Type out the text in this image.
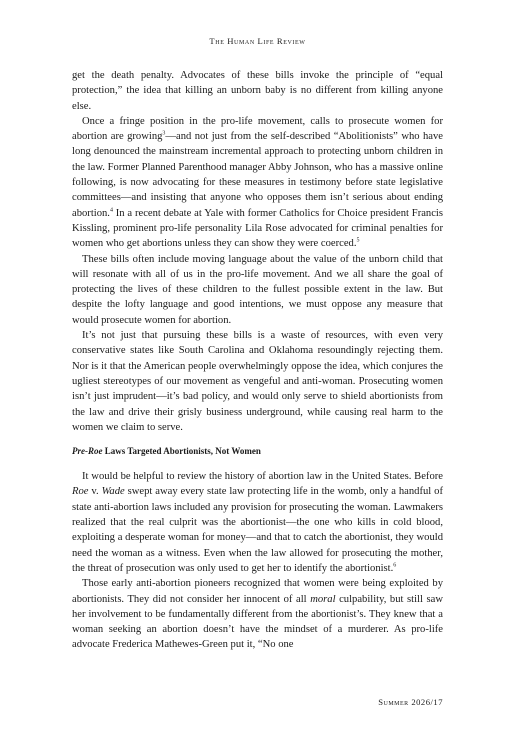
The Human Life Review

get the death penalty. Advocates of these bills invoke the principle of “equal protection,” the idea that killing an unborn baby is no different from killing anyone else.

Once a fringe position in the pro-life movement, calls to prosecute women for abortion are growing$^3$—and not just from the self-described “Abolitionists” who have long denounced the mainstream incremental approach to protecting unborn children in the law. Former Planned Parenthood manager Abby Johnson, who has a massive online following, is now advocating for these measures in testimony before state legislative committees—and insisting that anyone who opposes them isn’t serious about ending abortion.$^4$ In a recent debate at Yale with former Catholics for Choice president Francis Kissling, prominent pro-life personality Lila Rose advocated for criminal penalties for women who get abortions unless they can show they were coerced.$^5$

These bills often include moving language about the value of the unborn child that will resonate with all of us in the pro-life movement. And we all share the goal of protecting the lives of these children to the fullest possible extent in the law. But despite the lofty language and good intentions, we must oppose any measure that would prosecute women for abortion.

It’s not just that pursuing these bills is a waste of resources, with even very conservative states like South Carolina and Oklahoma resoundingly rejecting them. Nor is it that the American people overwhelmingly oppose the idea, which conjures the ugliest stereotypes of our movement as vengeful and anti-woman. Prosecuting women isn’t just imprudent—it’s bad policy, and would only serve to shield abortionists from the law and drive their grisly business underground, while causing real harm to the women we claim to serve.

Pre-Roe Laws Targeted Abortionists, Not Women

It would be helpful to review the history of abortion law in the United States. Before Roe v. Wade swept away every state law protecting life in the womb, only a handful of state anti-abortion laws included any provision for prosecuting the woman. Lawmakers realized that the real culprit was the abortionist—the one who kills in cold blood, exploiting a desperate woman for money—and that to catch the abortionist, they would need the woman as a witness. Even when the law allowed for prosecuting the mother, the threat of prosecution was only used to get her to identify the abortionist.$^6$

Those early anti-abortion pioneers recognized that women were being exploited by abortionists. They did not consider her innocent of all moral culpability, but still saw her involvement to be fundamentally different from the abortionist’s. They knew that a woman seeking an abortion doesn’t have the mindset of a murderer. As pro-life advocate Frederica Mathewes-Green put it, “No one

Summer 2026/17
